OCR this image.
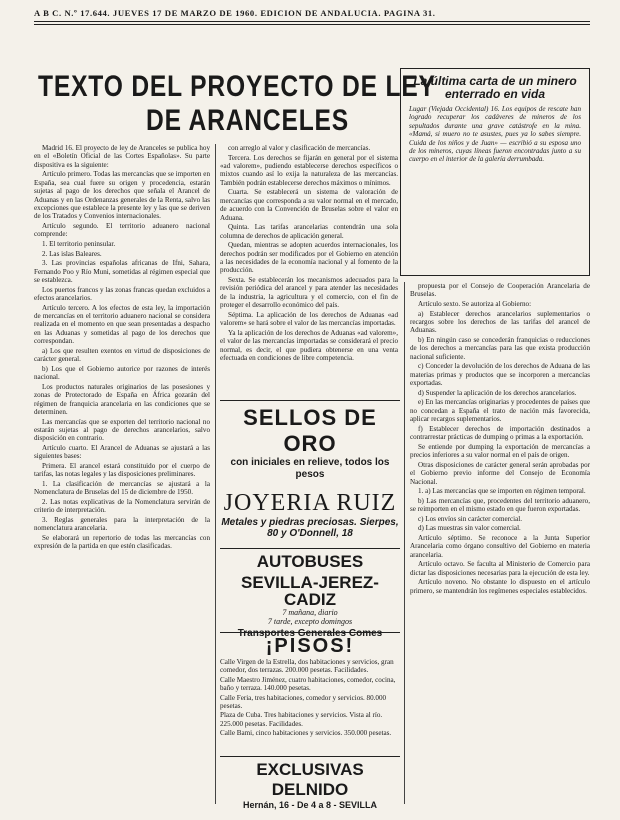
A B C. N.º 17.644. JUEVES 17 DE MARZO DE 1960. EDICION DE ANDALUCIA. PAGINA 31.
TEXTO DEL PROYECTO DE LEY
DE ARANCELES
La última carta de un minero enterrado en vida
Lugar (Viejada Occidental) 16. Los equipos de rescate han logrado recuperar los cadáveres de mineros de los sepultados durante una grave catástrofe en la mina. «Mamá, si muero no te asustes, pues ya lo sabes siempre. Cuida de los niños y de Juan» — escribió a su esposa uno de los mineros, cuyas líneas fueron encontradas junto a su cuerpo en el interior de la galería derrumbada.

Madrid 16. El proyecto de ley de Aranceles se publica hoy en el «Boletín Oficial de las Cortes Españolas». Su parte dispositiva es la siguiente:

Artículo primero. Todas las mercancías que se importen en España, sea cual fuere su origen y procedencia, estarán sujetas al pago de los derechos que señala el Arancel de Aduanas y en las Ordenanzas generales de la Renta, salvo las excepciones que establece la presente ley y las que se deriven de los Tratados y Convenios internacionales.

Artículo segundo. El territorio aduanero nacional comprende:

1. El territorio peninsular.

2. Las islas Baleares.

3. Las provincias españolas africanas de Ifni, Sahara, Fernando Poo y Río Muni, sometidas al régimen especial que se establezca.

Los puertos francos y las zonas francas quedan excluidos a efectos arancelarios.

Artículo tercero. A los efectos de esta ley, la importación de mercancías en el territorio aduanero nacional se considera realizada en el momento en que sean presentadas a despacho en las Aduanas y sometidas al pago de los derechos que correspondan.

a) Los que resulten exentos en virtud de disposiciones de carácter general.

b) Los que el Gobierno autorice por razones de interés nacional.

Los productos naturales originarios de las posesiones y zonas de Protectorado de España en África gozarán del régimen de franquicia arancelaria en las condiciones que se determinen.

Las mercancías que se exporten del territorio nacional no estarán sujetas al pago de derechos arancelarios, salvo disposición en contrario.

Artículo cuarto. El Arancel de Aduanas se ajustará a las siguientes bases:

Primera. El arancel estará constituido por el cuerpo de tarifas, las notas legales y las disposiciones preliminares.

1. La clasificación de mercancías se ajustará a la Nomenclatura de Bruselas del 15 de diciembre de 1950.

2. Las notas explicativas de la Nomenclatura servirán de criterio de interpretación.

3. Reglas generales para la interpretación de la nomenclatura arancelaria.

Se elaborará un repertorio de todas las mercancías con expresión de la partida en que estén clasificadas.

con arreglo al valor y clasificación de mercancías.

Tercera. Los derechos se fijarán en general por el sistema «ad valorem», pudiendo establecerse derechos específicos o mixtos cuando así lo exija la naturaleza de las mercancías. También podrán establecerse derechos máximos o mínimos.

Cuarta. Se establecerá un sistema de valoración de mercancías que corresponda a su valor normal en el mercado, de acuerdo con la Convención de Bruselas sobre el valor en Aduana.

Quinta. Las tarifas arancelarias contendrán una sola columna de derechos de aplicación general.

Quedan, mientras se adopten acuerdos internacionales, los derechos podrán ser modificados por el Gobierno en atención a las necesidades de la economía nacional y al fomento de la producción.

Sexta. Se establecerán los mecanismos adecuados para la revisión periódica del arancel y para atender las necesidades de la industria, la agricultura y el comercio, con el fin de proteger el desarrollo económico del país.

Séptima. La aplicación de los derechos de Aduanas «ad valorem» se hará sobre el valor de las mercancías importadas.

Ya la aplicación de los derechos de Aduanas «ad valorem», el valor de las mercancías importadas se considerará el precio normal, es decir, el que pudiera obtenerse en una venta efectuada en condiciones de libre competencia.

propuesta por el Consejo de Cooperación Arancelaria de Bruselas.

Artículo sexto. Se autoriza al Gobierno:

a) Establecer derechos arancelarios suplementarios o recargos sobre los derechos de las tarifas del arancel de Aduanas.

b) En ningún caso se concederán franquicias o reducciones de los derechos a mercancías para las que exista producción nacional suficiente.

c) Conceder la devolución de los derechos de Aduana de las materias primas y productos que se incorporen a mercancías exportadas.

d) Suspender la aplicación de los derechos arancelarios.

e) En las mercancías originarias y procedentes de países que no concedan a España el trato de nación más favorecida, aplicar recargos suplementarios.

f) Establecer derechos de importación destinados a contrarrestar prácticas de dumping o primas a la exportación.

Se entiende por dumping la exportación de mercancías a precios inferiores a su valor normal en el país de origen.

Otras disposiciones de carácter general serán aprobadas por el Gobierno previo informe del Consejo de Economía Nacional.

1. a) Las mercancías que se importen en régimen temporal.

b) Las mercancías que, procedentes del territorio aduanero, se reimporten en el mismo estado en que fueron exportadas.

c) Los envíos sin carácter comercial.

d) Las muestras sin valor comercial.

Artículo séptimo. Se reconoce a la Junta Superior Arancelaria como órgano consultivo del Gobierno en materia arancelaria.

Artículo octavo. Se faculta al Ministerio de Comercio para dictar las disposiciones necesarias para la ejecución de esta ley.

Artículo noveno. No obstante lo dispuesto en el artículo primero, se mantendrán los regímenes especiales establecidos.

SELLOS DE ORO
con iniciales en relieve, todos los pesos
JOYERIA RUIZ
Metales y piedras preciosas. Sierpes, 80 y O'Donnell, 18
AUTOBUSES
SEVILLA-JEREZ-CADIZ
7 mañana, diario
7 tarde, excepto domingos
Transportes Generales Comes
¡PISOS!

Calle Virgen de la Estrella, dos habitaciones y servicios, gran comedor, dos terrazas. 200.000 pesetas. Facilidades.

Calle Maestro Jiménez, cuatro habitaciones, comedor, cocina, baño y terraza. 140.000 pesetas.

Calle Feria, tres habitaciones, comedor y servicios. 80.000 pesetas.

Plaza de Cuba. Tres habitaciones y servicios. Vista al río. 225.000 pesetas. Facilidades.

Calle Bami, cinco habitaciones y servicios. 350.000 pesetas.

EXCLUSIVAS DELNIDO
Hernán, 16 - De 4 a 8 - SEVILLA
